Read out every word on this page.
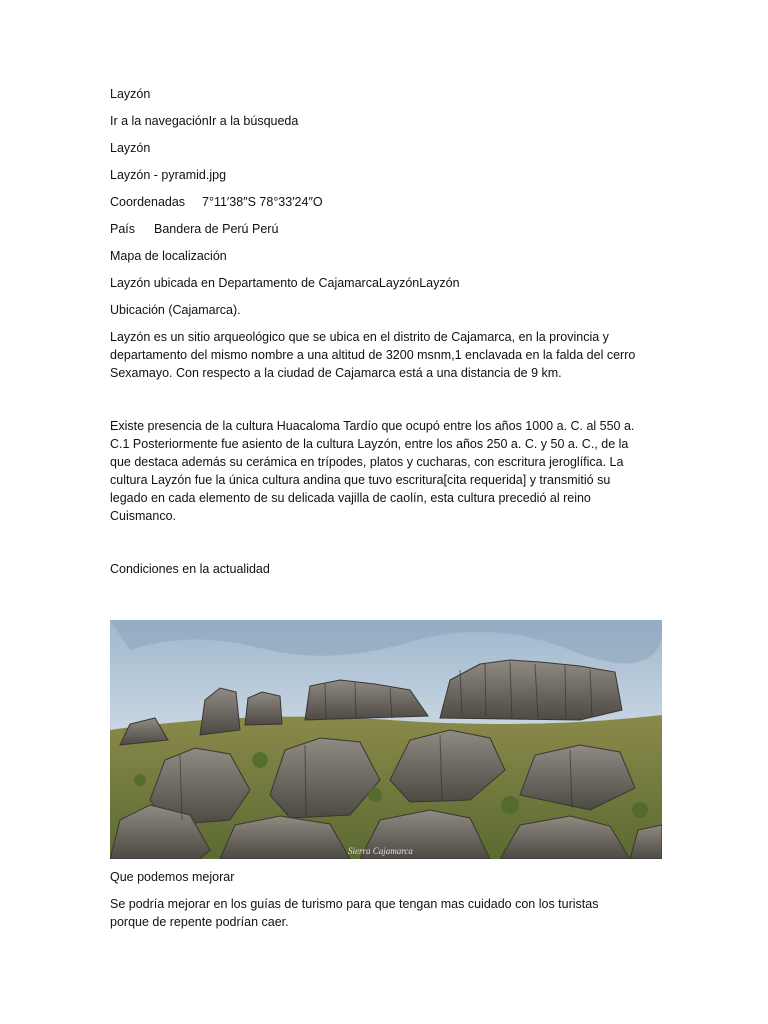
Layzón

Ir a la navegaciónIr a la búsqueda

Layzón

Layzón - pyramid.jpg

Coordenadas 7°11′38″S 78°33′24″O

País Bandera de Perú Perú

Mapa de localización

Layzón ubicada en Departamento de CajamarcaLayzónLayzón

Ubicación (Cajamarca).

Layzón es un sitio arqueológico que se ubica en el distrito de Cajamarca, en la provincia y departamento del mismo nombre a una altitud de 3200 msnm,1 enclavada en la falda del cerro Sexamayo. Con respecto a la ciudad de Cajamarca está a una distancia de 9 km.

Existe presencia de la cultura Huacaloma Tardío que ocupó entre los años 1000 a. C. al 550 a. C.1 Posteriormente fue asiento de la cultura Layzón, entre los años 250 a. C. y 50 a. C., de la que destaca además su cerámica en trípodes, platos y cucharas, con escritura jeroglífica. La cultura Layzón fue la única cultura andina que tuvo escritura[cita requerida] y transmitió su legado en cada elemento de su delicada vajilla de caolín, esta cultura precedió al reino Cuismanco.

Condiciones en la actualidad

Sierra Cajamarca

Que podemos mejorar

Se podría mejorar en los guías de turismo para que tengan mas cuidado con los turistas porque de repente podrían caer.
